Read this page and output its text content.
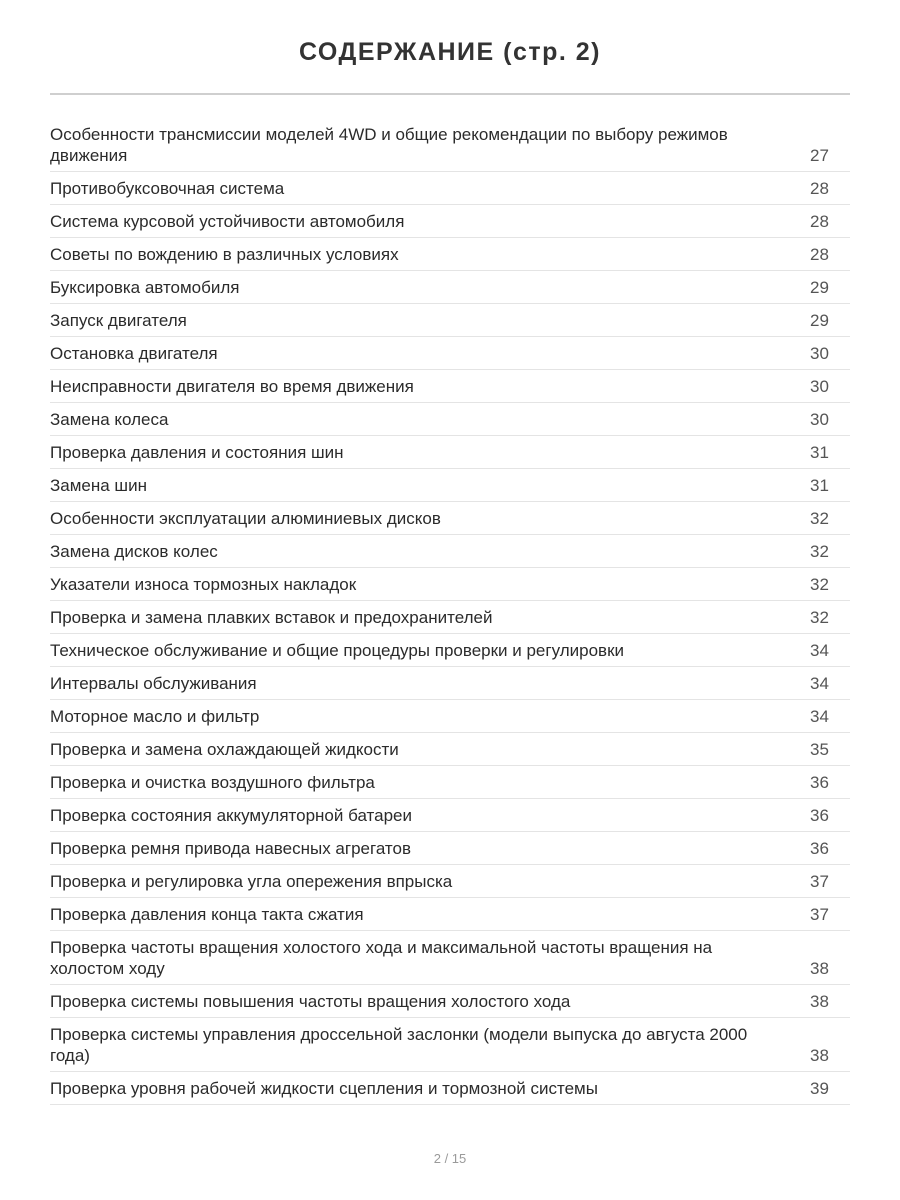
СОДЕРЖАНИЕ (стр. 2)
Особенности трансмиссии моделей 4WD и общие рекомендации по выбору режимов движения	27
Противобуксовочная система	28
Система курсовой устойчивости автомобиля	28
Советы по вождению в различных условиях	28
Буксировка автомобиля	29
Запуск двигателя	29
Остановка двигателя	30
Неисправности двигателя во время движения	30
Замена колеса	30
Проверка давления и состояния шин	31
Замена шин	31
Особенности эксплуатации алюминиевых дисков	32
Замена дисков колес	32
Указатели износа тормозных накладок	32
Проверка и замена плавких вставок и предохранителей	32
Техническое обслуживание и общие процедуры проверки и регулировки	34
Интервалы обслуживания	34
Моторное масло и фильтр	34
Проверка и замена охлаждающей жидкости	35
Проверка и очистка воздушного фильтра	36
Проверка состояния аккумуляторной батареи	36
Проверка ремня привода навесных агрегатов	36
Проверка и регулировка угла опережения впрыска	37
Проверка давления конца такта сжатия	37
Проверка частоты вращения холостого хода и максимальной частоты вращения на холостом ходу	38
Проверка системы повышения частоты вращения холостого хода	38
Проверка системы управления дроссельной заслонки (модели выпуска до августа 2000 года)	38
Проверка уровня рабочей жидкости сцепления и тормозной системы	39
2 / 15
